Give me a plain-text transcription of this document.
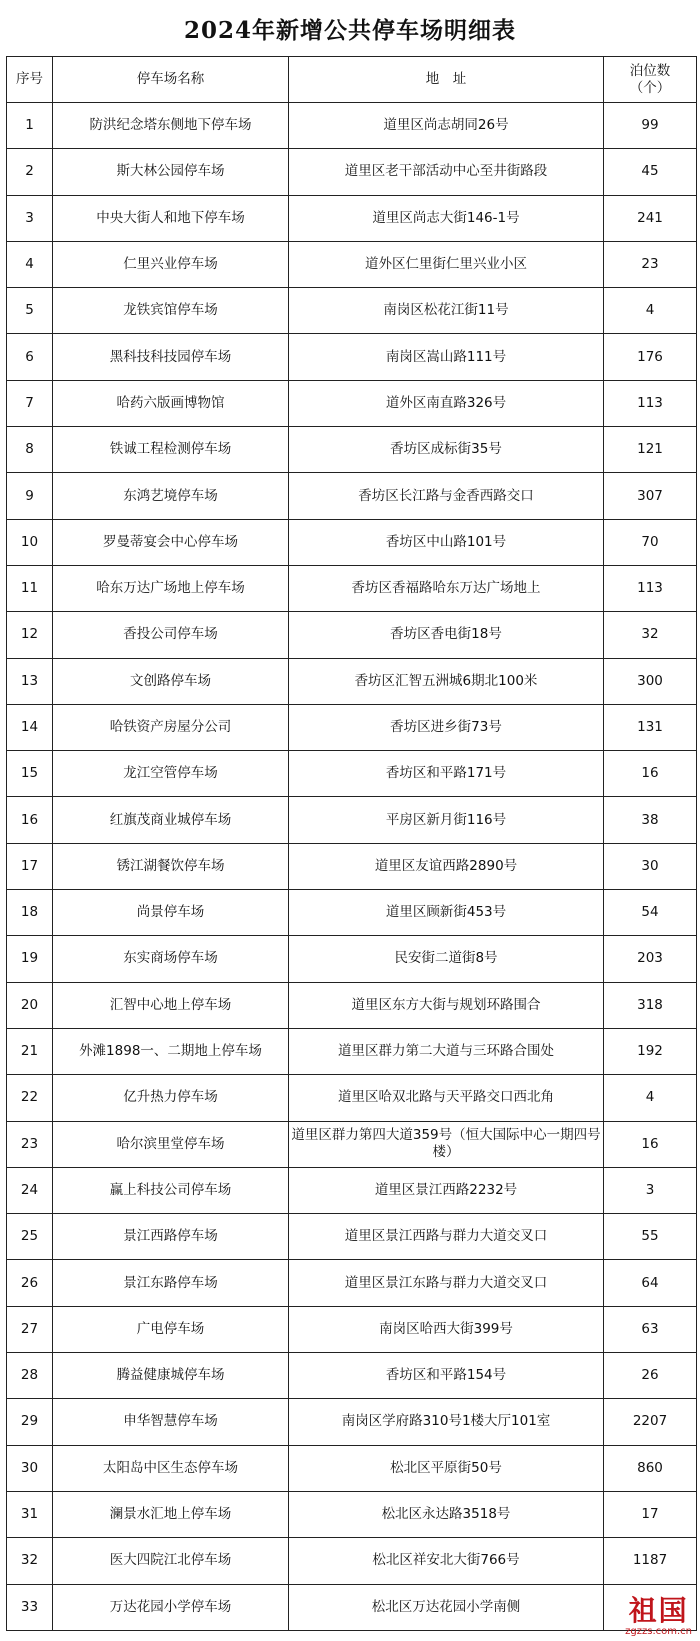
2024年新增公共停车场明细表
序号	停车场名称	地　址	泊位数
（个）

1	防洪纪念塔东侧地下停车场	道里区尚志胡同26号	99
2	斯大林公园停车场	道里区老干部活动中心至井街路段	45
3	中央大街人和地下停车场	道里区尚志大街146-1号	241
4	仁里兴业停车场	道外区仁里街仁里兴业小区	23
5	龙铁宾馆停车场	南岗区松花江街11号	4
6	黑科技科技园停车场	南岗区嵩山路111号	176
7	哈药六版画博物馆	道外区南直路326号	113
8	铁诚工程检测停车场	香坊区成标街35号	121
9	东鸿艺境停车场	香坊区长江路与金香西路交口	307
10	罗曼蒂宴会中心停车场	香坊区中山路101号	70
11	哈东万达广场地上停车场	香坊区香福路哈东万达广场地上	113
12	香投公司停车场	香坊区香电街18号	32
13	文创路停车场	香坊区汇智五洲城6期北100米	300
14	哈铁资产房屋分公司	香坊区进乡街73号	131
15	龙江空管停车场	香坊区和平路171号	16
16	红旗茂商业城停车场	平房区新月街116号	38
17	锈江湖餐饮停车场	道里区友谊西路2890号	30
18	尚景停车场	道里区顾新街453号	54
19	东实商场停车场	民安街二道街8号	203
20	汇智中心地上停车场	道里区东方大街与规划环路围合	318
21	外滩1898一、二期地上停车场	道里区群力第二大道与三环路合围处	192
22	亿升热力停车场	道里区哈双北路与天平路交口西北角	4
23	哈尔滨里堂停车场	道里区群力第四大道359号（恒大国际中心一期四号楼）	16
24	赢上科技公司停车场	道里区景江西路2232号	3
25	景江西路停车场	道里区景江西路与群力大道交叉口	55
26	景江东路停车场	道里区景江东路与群力大道交叉口	64
27	广电停车场	南岗区哈西大街399号	63
28	腾益健康城停车场	香坊区和平路154号	26
29	申华智慧停车场	南岗区学府路310号1楼大厅101室	2207
30	太阳岛中区生态停车场	松北区平原街50号	860
31	澜景水汇地上停车场	松北区永达路3518号	17
32	医大四院江北停车场	松北区祥安北大街766号	1187
33	万达花园小学停车场	松北区万达花园小学南侧		祖国
zgzzs.com.cn
